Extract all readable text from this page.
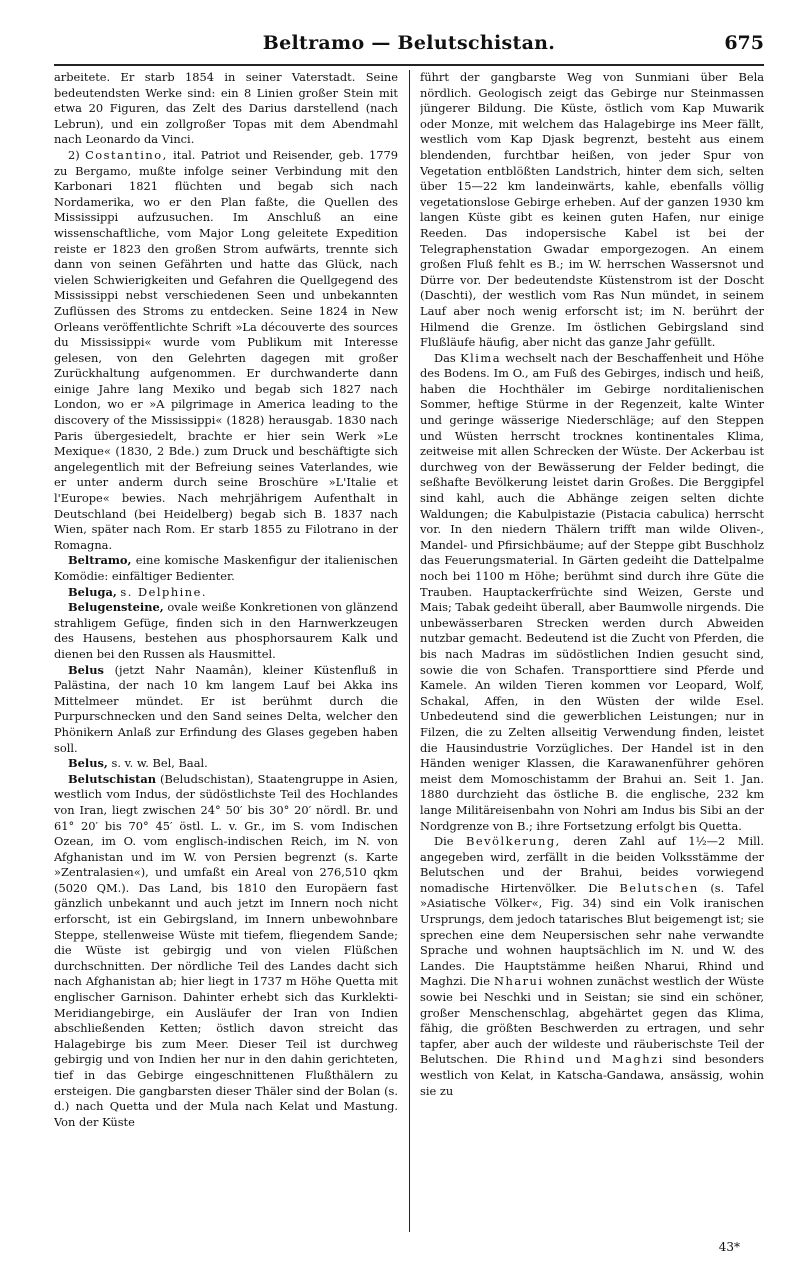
Beltramo — Belutschistan.	675

arbeitete. Er starb 1854 in seiner Vaterstadt. Seine bedeutendsten Werke sind: ein 8 Linien großer Stein mit etwa 20 Figuren, das Zelt des Darius darstellend (nach Lebrun), und ein zollgroßer Topas mit dem Abendmahl nach Leonardo da Vinci.

2) Costantino, ital. Patriot und Reisender, geb. 1779 zu Bergamo, mußte infolge seiner Verbindung mit den Karbonari 1821 flüchten und begab sich nach Nordamerika, wo er den Plan faßte, die Quellen des Mississippi aufzusuchen. Im Anschluß an eine wissenschaftliche, vom Major Long geleitete Expedition reiste er 1823 den großen Strom aufwärts, trennte sich dann von seinen Gefährten und hatte das Glück, nach vielen Schwierigkeiten und Gefahren die Quellgegend des Mississippi nebst verschiedenen Seen und unbekannten Zuflüssen des Stroms zu entdecken. Seine 1824 in New Orleans veröffentlichte Schrift »La découverte des sources du Mississippi« wurde vom Publikum mit Interesse gelesen, von den Gelehrten dagegen mit großer Zurückhaltung aufgenommen. Er durchwanderte dann einige Jahre lang Mexiko und begab sich 1827 nach London, wo er »A pilgrimage in America leading to the discovery of the Mississippi« (1828) herausgab. 1830 nach Paris übergesiedelt, brachte er hier sein Werk »Le Mexique« (1830, 2 Bde.) zum Druck und beschäftigte sich angelegentlich mit der Befreiung seines Vaterlandes, wie er unter anderm durch seine Broschüre »L'Italie et l'Europe« bewies. Nach mehrjährigem Aufenthalt in Deutschland (bei Heidelberg) begab sich B. 1837 nach Wien, später nach Rom. Er starb 1855 zu Filotrano in der Romagna.

Beltramo, eine komische Maskenfigur der italienischen Komödie: einfältiger Bedienter.

Beluga, s. Delphine.

Belugensteine, ovale weiße Konkretionen von glänzend strahligem Gefüge, finden sich in den Harnwerkzeugen des Hausens, bestehen aus phosphorsaurem Kalk und dienen bei den Russen als Hausmittel.

Belus (jetzt Nahr Naamân), kleiner Küstenfluß in Palästina, der nach 10 km langem Lauf bei Akka ins Mittelmeer mündet. Er ist berühmt durch die Purpurschnecken und den Sand seines Delta, welcher den Phönikern Anlaß zur Erfindung des Glases gegeben haben soll.

Belus, s. v. w. Bel, Baal.

Belutschistan (Beludschistan), Staatengruppe in Asien, westlich vom Indus, der südöstlichste Teil des Hochlandes von Iran, liegt zwischen 24° 50′ bis 30° 20′ nördl. Br. und 61° 20′ bis 70° 45′ östl. L. v. Gr., im S. vom Indischen Ozean, im O. vom englisch-indischen Reich, im N. von Afghanistan und im W. von Persien begrenzt (s. Karte »Zentralasien«), und umfaßt ein Areal von 276,510 qkm (5020 QM.). Das Land, bis 1810 den Europäern fast gänzlich unbekannt und auch jetzt im Innern noch nicht erforscht, ist ein Gebirgsland, im Innern unbewohnbare Steppe, stellenweise Wüste mit tiefem, fliegendem Sande; die Wüste ist gebirgig und von vielen Flüßchen durchschnitten. Der nördliche Teil des Landes dacht sich nach Afghanistan ab; hier liegt in 1737 m Höhe Quetta mit englischer Garnison. Dahinter erhebt sich das Kurklekti-Meridiangebirge, ein Ausläufer der Iran von Indien abschließenden Ketten; östlich davon streicht das Halagebirge bis zum Meer. Dieser Teil ist durchweg gebirgig und von Indien her nur in den dahin gerichteten, tief in das Gebirge eingeschnittenen Flußthälern zu ersteigen. Die gangbarsten dieser Thäler sind der Bolan (s. d.) nach Quetta und der Mula nach Kelat und Mastung. Von der Küste

führt der gangbarste Weg von Sunmiani über Bela nördlich. Geologisch zeigt das Gebirge nur Steinmassen jüngerer Bildung. Die Küste, östlich vom Kap Muwarik oder Monze, mit welchem das Halagebirge ins Meer fällt, westlich vom Kap Djask begrenzt, besteht aus einem blendenden, furchtbar heißen, von jeder Spur von Vegetation entblößten Landstrich, hinter dem sich, selten über 15—22 km landeinwärts, kahle, ebenfalls völlig vegetationslose Gebirge erheben. Auf der ganzen 1930 km langen Küste gibt es keinen guten Hafen, nur einige Reeden. Das indopersische Kabel ist bei der Telegraphenstation Gwadar emporgezogen. An einem großen Fluß fehlt es B.; im W. herrschen Wassersnot und Dürre vor. Der bedeutendste Küstenstrom ist der Doscht (Daschti), der westlich vom Ras Nun mündet, in seinem Lauf aber noch wenig erforscht ist; im N. berührt der Hilmend die Grenze. Im östlichen Gebirgsland sind Flußläufe häufig, aber nicht das ganze Jahr gefüllt.

Das Klima wechselt nach der Beschaffenheit und Höhe des Bodens. Im O., am Fuß des Gebirges, indisch und heiß, haben die Hochthäler im Gebirge norditalienischen Sommer, heftige Stürme in der Regenzeit, kalte Winter und geringe wässerige Niederschläge; auf den Steppen und Wüsten herrscht trocknes kontinentales Klima, zeitweise mit allen Schrecken der Wüste. Der Ackerbau ist durchweg von der Bewässerung der Felder bedingt, die seßhafte Bevölkerung leistet darin Großes. Die Berggipfel sind kahl, auch die Abhänge zeigen selten dichte Waldungen; die Kabulpistazie (Pistacia cabulica) herrscht vor. In den niedern Thälern trifft man wilde Oliven-, Mandel- und Pfirsichbäume; auf der Steppe gibt Buschholz das Feuerungsmaterial. In Gärten gedeiht die Dattelpalme noch bei 1100 m Höhe; berühmt sind durch ihre Güte die Trauben. Hauptackerfrüchte sind Weizen, Gerste und Mais; Tabak gedeiht überall, aber Baumwolle nirgends. Die unbewässerbaren Strecken werden durch Abweiden nutzbar gemacht. Bedeutend ist die Zucht von Pferden, die bis nach Madras im südöstlichen Indien gesucht sind, sowie die von Schafen. Transporttiere sind Pferde und Kamele. An wilden Tieren kommen vor Leopard, Wolf, Schakal, Affen, in den Wüsten der wilde Esel. Unbedeutend sind die gewerblichen Leistungen; nur in Filzen, die zu Zelten allseitig Verwendung finden, leistet die Hausindustrie Vorzügliches. Der Handel ist in den Händen weniger Klassen, die Karawanenführer gehören meist dem Momoschistamm der Brahui an. Seit 1. Jan. 1880 durchzieht das östliche B. die englische, 232 km lange Militäreisenbahn von Nohri am Indus bis Sibi an der Nordgrenze von B.; ihre Fortsetzung erfolgt bis Quetta.

Die Bevölkerung, deren Zahl auf 1½—2 Mill. angegeben wird, zerfällt in die beiden Volksstämme der Belutschen und der Brahui, beides vorwiegend nomadische Hirtenvölker. Die Belutschen (s. Tafel »Asiatische Völker«, Fig. 34) sind ein Volk iranischen Ursprungs, dem jedoch tatarisches Blut beigemengt ist; sie sprechen eine dem Neupersischen sehr nahe verwandte Sprache und wohnen hauptsächlich im N. und W. des Landes. Die Hauptstämme heißen Nharui, Rhind und Maghzi. Die Nharui wohnen zunächst westlich der Wüste sowie bei Neschki und in Seistan; sie sind ein schöner, großer Menschenschlag, abgehärtet gegen das Klima, fähig, die größten Beschwerden zu ertragen, und sehr tapfer, aber auch der wildeste und räuberischste Teil der Belutschen. Die Rhind und Maghzi sind besonders westlich von Kelat, in Katscha-Gandawa, ansässig, wohin sie zu

43*
